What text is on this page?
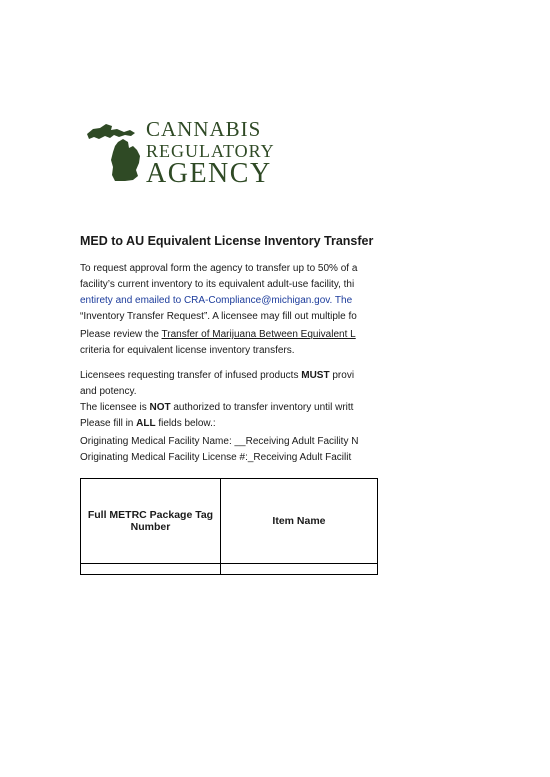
CANNABIS
REGULATORY
AGENCY
MED to AU Equivalent License Inventory Transfer
To request approval form the agency to transfer up to 50% of a
facility’s current inventory to its equivalent adult-use facility, thi
entirety and emailed to CRA-Compliance@michigan.gov. The
“Inventory Transfer Request”. A licensee may fill out multiple fo
Please review the Transfer of Marijuana Between Equivalent L
criteria for equivalent license inventory transfers.
Licensees requesting transfer of infused products MUST provi
and potency.
The licensee is NOT authorized to transfer inventory until writt
Please fill in ALL fields below.:
Originating Medical Facility Name: __Receiving Adult Facility N
Originating Medical Facility License #:_Receiving Adult Facilit
Full METRC Package Tag Number	Item Name
